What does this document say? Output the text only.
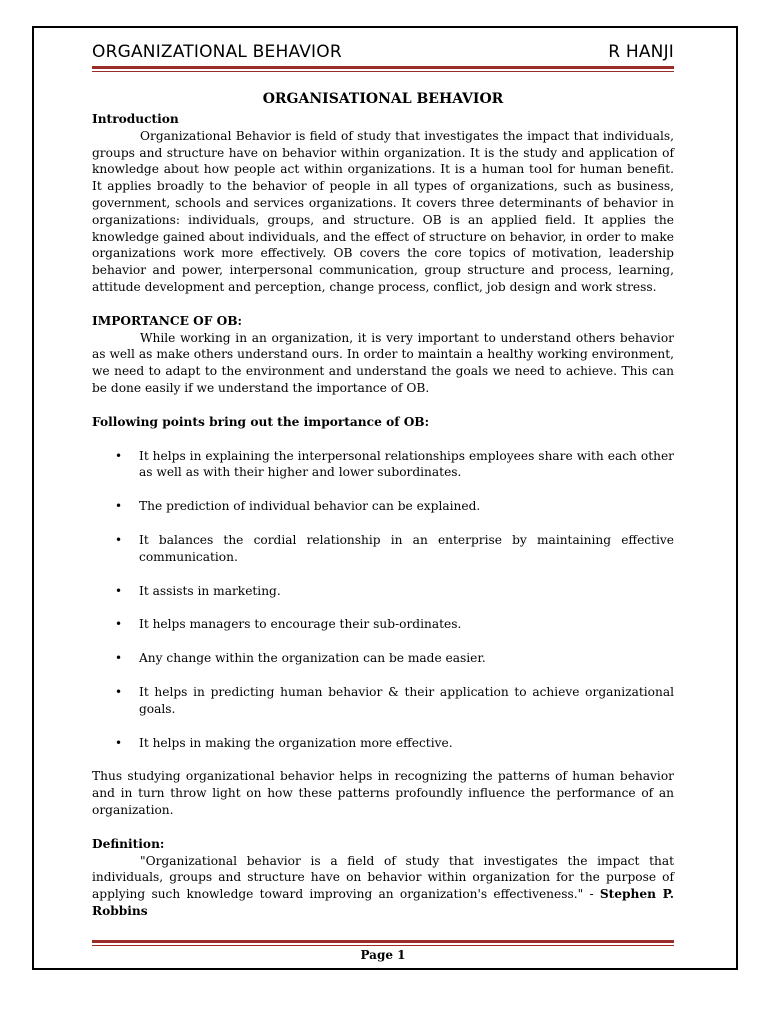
ORGANIZATIONAL BEHAVIOR	R HANJI

ORGANISATIONAL BEHAVIOR

Introduction

Organizational Behavior is field of study that investigates the impact that individuals, groups and structure have on behavior within organization. It is the study and application of knowledge about how people act within organizations. It is a human tool for human benefit. It applies broadly to the behavior of people in all types of organizations, such as business, government, schools and services organizations. It covers three determinants of behavior in organizations: individuals, groups, and structure. OB is an applied field. It applies the knowledge gained about individuals, and the effect of structure on behavior, in order to make organizations work more effectively. OB covers the core topics of motivation, leadership behavior and power, interpersonal communication, group structure and process, learning, attitude development and perception, change process, conflict, job design and work stress.

IMPORTANCE OF OB:

While working in an organization, it is very important to understand others behavior as well as make others understand ours. In order to maintain a healthy working environment, we need to adapt to the environment and understand the goals we need to achieve. This can be done easily if we understand the importance of OB.

Following points bring out the importance of OB:

• It helps in explaining the interpersonal relationships employees share with each other as well as with their higher and lower subordinates.
• The prediction of individual behavior can be explained.
• It balances the cordial relationship in an enterprise by maintaining effective communication.
• It assists in marketing.
• It helps managers to encourage their sub-ordinates.
• Any change within the organization can be made easier.
• It helps in predicting human behavior & their application to achieve organizational goals.
• It helps in making the organization more effective.

Thus studying organizational behavior helps in recognizing the patterns of human behavior and in turn throw light on how these patterns profoundly influence the performance of an organization.

Definition:

"Organizational behavior is a field of study that investigates the impact that individuals, groups and structure have on behavior within organization for the purpose of applying such knowledge toward improving an organization's effectiveness." - Stephen P. Robbins

Page 1
